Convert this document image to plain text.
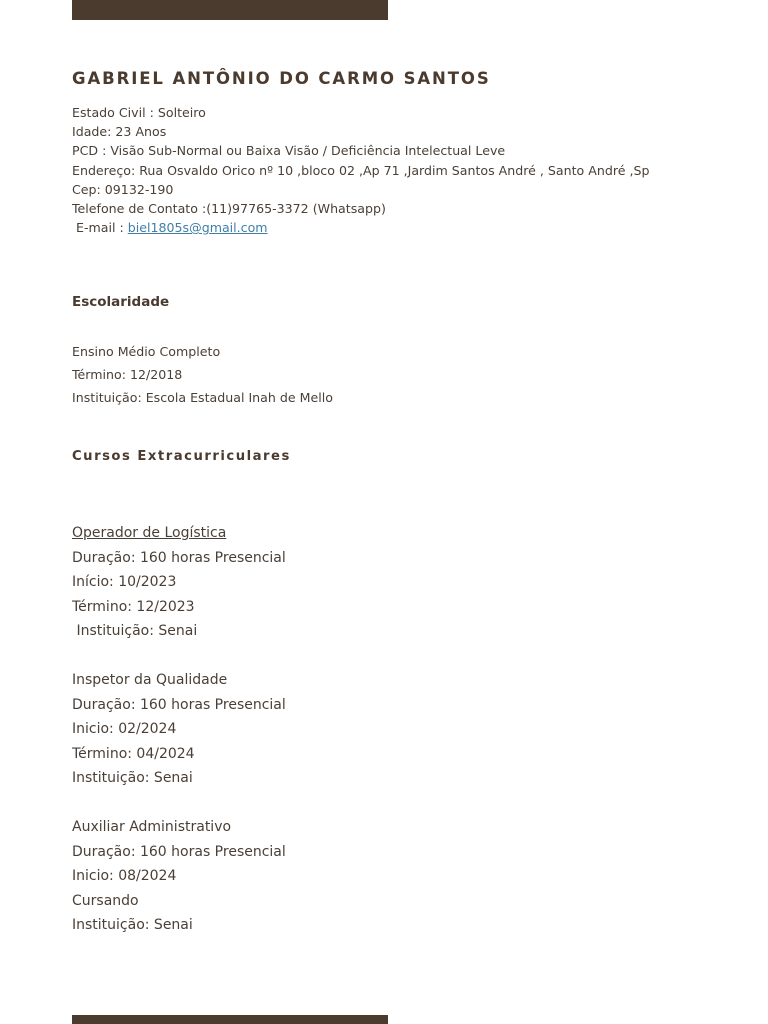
GABRIEL ANTÔNIO DO CARMO SANTOS
Estado Civil : Solteiro
Idade: 23 Anos
PCD : Visão Sub-Normal ou Baixa Visão / Deficiência Intelectual Leve
Endereço: Rua Osvaldo Orico nº 10 ,bloco 02 ,Ap 71 ,Jardim Santos André , Santo André ,Sp
Cep: 09132-190
Telefone de Contato :(11)97765-3372 (Whatsapp)
E-mail : biel1805s@gmail.com
Escolaridade
Ensino Médio Completo
Término: 12/2018
Instituição: Escola Estadual Inah de Mello
Cursos Extracurriculares
Operador de Logística
Duração: 160 horas Presencial
Início: 10/2023
Término: 12/2023
Instituição: Senai
Inspetor da Qualidade
Duração: 160 horas Presencial
Inicio: 02/2024
Término: 04/2024
Instituição: Senai
Auxiliar Administrativo
Duração: 160 horas Presencial
Inicio: 08/2024
Cursando
Instituição: Senai
